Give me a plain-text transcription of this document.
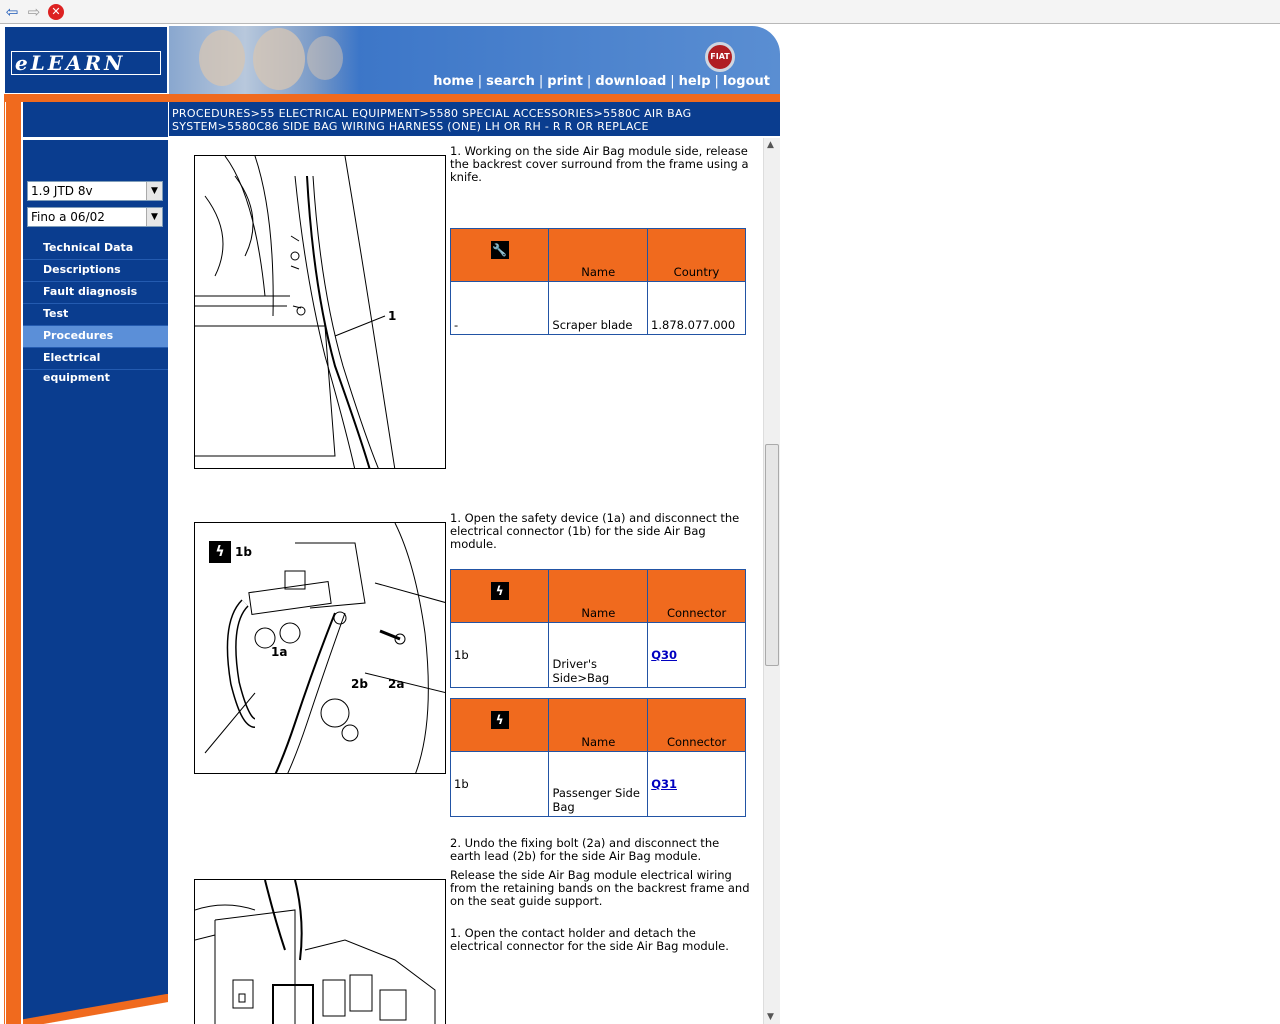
⇦ ⇨	✕
eLEARN	FIAT
home | search | print | download | help | logout
1.9 JTD 8v	▼
Fino a 06/02	▼
Technical Data
Descriptions
Fault diagnosis
Test
Procedures
Electrical equipment
PROCEDURES>55 ELECTRICAL EQUIPMENT>5580 SPECIAL ACCESSORIES>5580C AIR BAG SYSTEM>5580C86 SIDE BAG WIRING HARNESS (ONE) LH OR RH - R R OR REPLACE
1
1. Working on the side Air Bag module side, release the backrest cover surround from the frame using a knife.
🔧	Name	Country
-	Scraper blade	1.878.077.000
ϟ 1b
1a
2b 2a
1. Open the safety device (1a) and disconnect the electrical connector (1b) for the side Air Bag module.
ϟ	Name	Connector
1b	Driver's Side>Bag	Q30
ϟ	Name	Connector
1b	Passenger Side Bag	Q31
2. Undo the fixing bolt (2a) and disconnect the earth lead (2b) for the side Air Bag module.
Release the side Air Bag module electrical wiring from the retaining bands on the backrest frame and on the seat guide support.
1. Open the contact holder and detach the electrical connector for the side Air Bag module.
▲
▼
